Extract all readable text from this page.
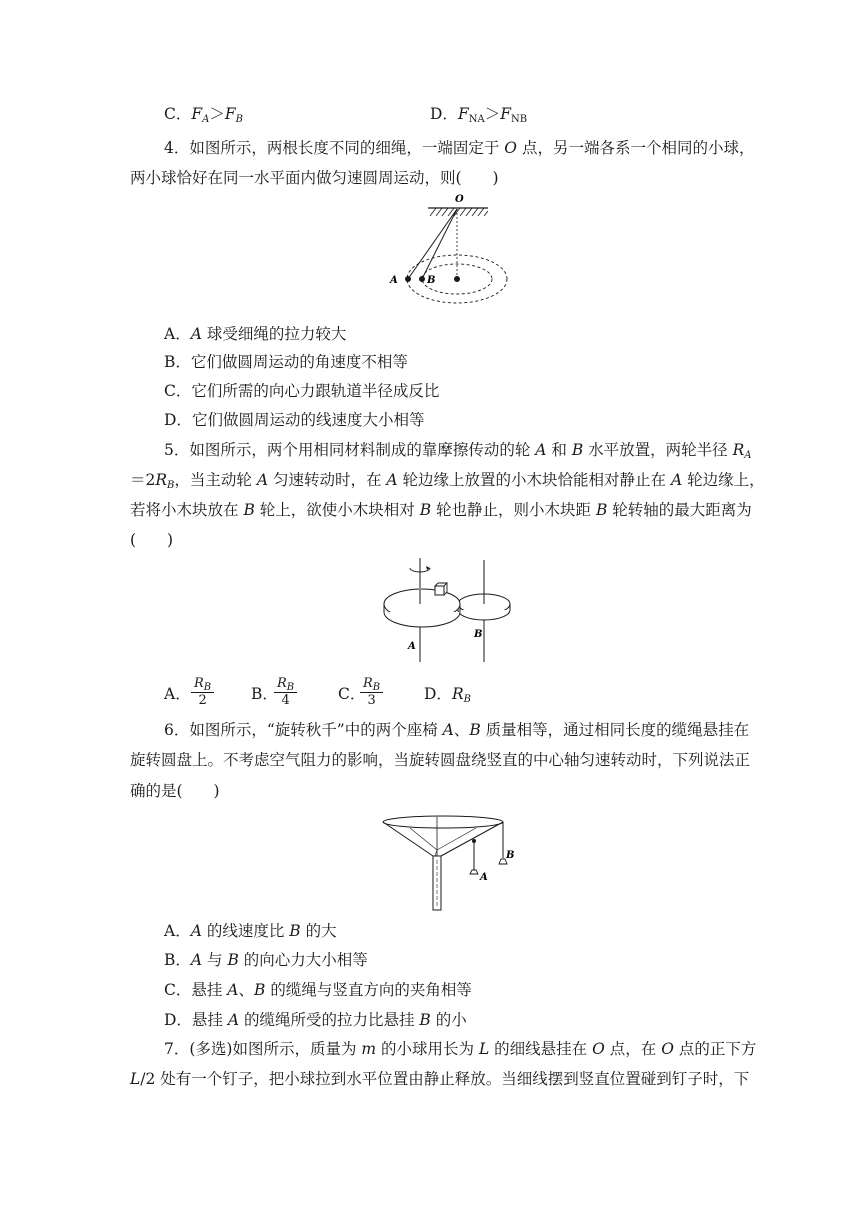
C．$F_A>F_B$	D．$F_{NA}>F_{NB}$
4．如图所示，两根长度不同的细绳，一端固定于 O 点，另一端各系一个相同的小球，
两小球恰好在同一水平面内做匀速圆周运动，则(　　)
O
A	B
A．A 球受细绳的拉力较大
B．它们做圆周运动的角速度不相等
C．它们所需的向心力跟轨道半径成反比
D．它们做圆周运动的线速度大小相等
5．如图所示，两个用相同材料制成的靠摩擦传动的轮 A 和 B 水平放置，两轮半径 $R_A$
$=2R_B$，当主动轮 A 匀速转动时，在 A 轮边缘上放置的小木块恰能相对静止在 A 轮边缘上，
若将小木块放在 B 轮上，欲使小木块相对 B 轮也静止，则小木块距 B 轮转轴的最大距离为
(　　)
A
B
A． $\frac{R_B}{2}$ B．
$\frac{R_B}{4}$	C．
$\frac{R_B}{3}$	D．$R_B$
6．如图所示，“旋转秋千”中的两个座椅 A、B 质量相等，通过相同长度的缆绳悬挂在
旋转圆盘上。不考虑空气阻力的影响，当旋转圆盘绕竖直的中心轴匀速转动时，下列说法正
确的是(　　)
A
B
A．A 的线速度比 B 的大
B．A 与 B 的向心力大小相等
C．悬挂 A、B 的缆绳与竖直方向的夹角相等
D．悬挂 A 的缆绳所受的拉力比悬挂 B 的小
7．(多选)如图所示，质量为 m 的小球用长为 L 的细线悬挂在 O 点，在 O 点的正下方
L/2 处有一个钉子，把小球拉到水平位置由静止释放。当细线摆到竖直位置碰到钉子时，下
